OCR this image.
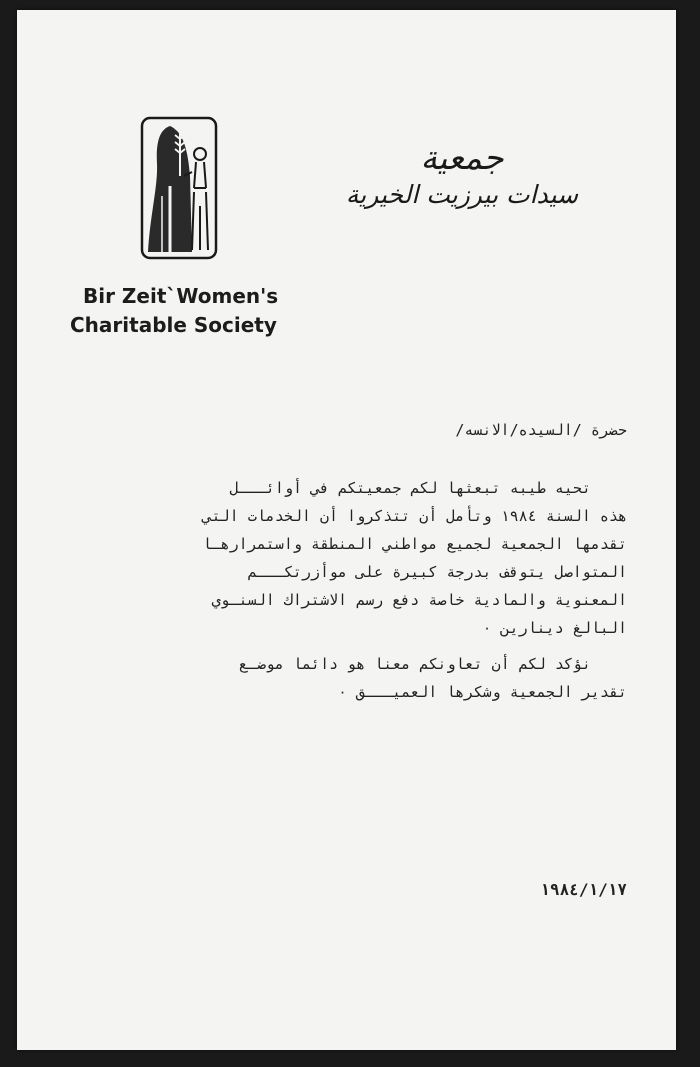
جمعية
سيدات بيرزيت الخيرية
Bir Zeit`Women's
Charitable Society
حضرة /السيده/الانسه/
تحيه طيبه تبعثها لكم جمعيتكم في أوائـــل
هذه السنة ١٩٨٤ وتأمل أن تتذكروا أن الخدمات التي
تقدمها الجمعية لجميع مواطني المنطقة واستمرارهـا
المتواصل يتوقف بدرجة كبيرة على موأزرتكـــم
المعنوية والمادية خاصة دفع رسم الاشتراك السنـوي
البالغ دينارين ٠
نؤكد لكم أن تعاونكم معنا هو دائما موضـع
تقدير الجمعية وشكرها العميـــق ٠
١٩٨٤/١/١٧
